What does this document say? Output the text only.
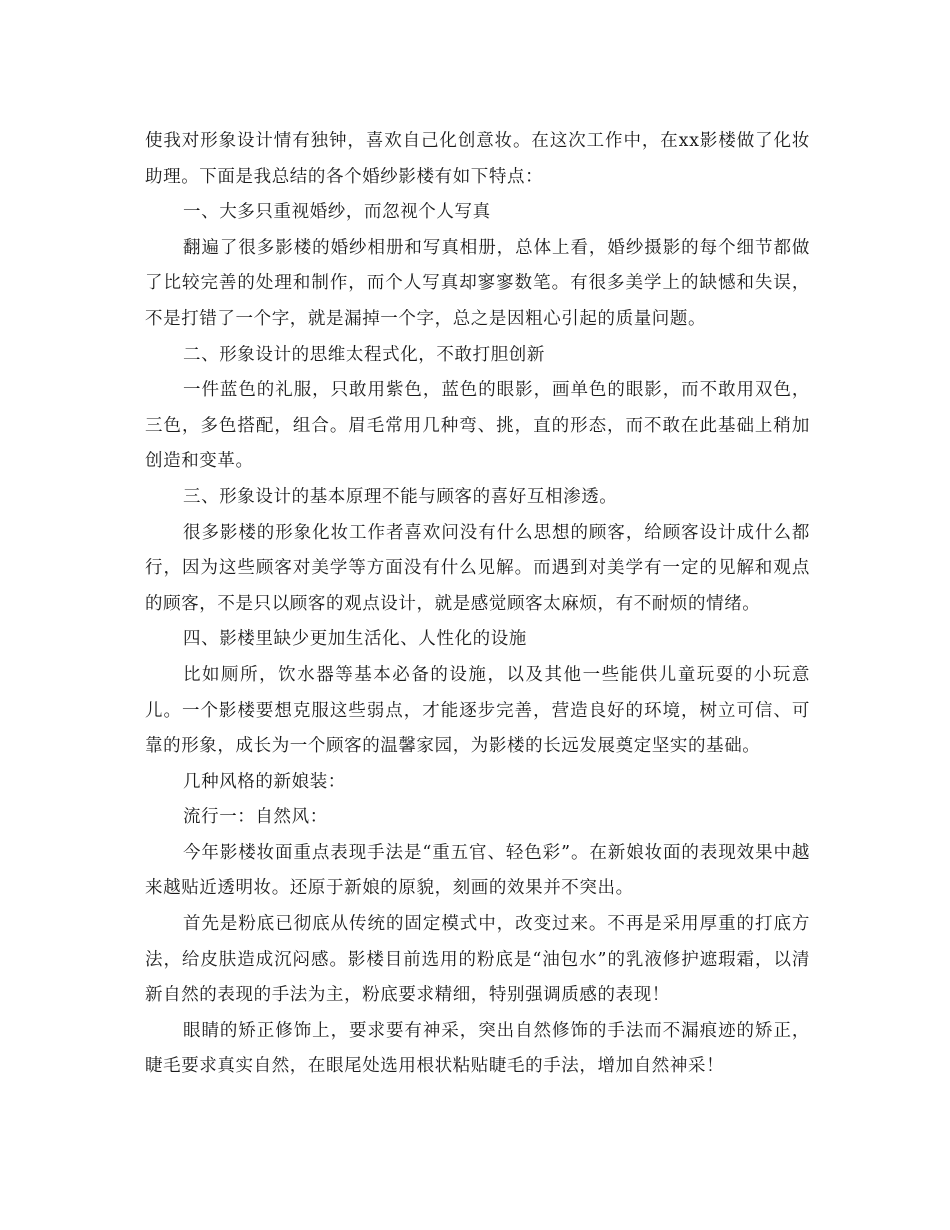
使我对形象设计情有独钟，喜欢自己化创意妆。在这次工作中，在xx影楼做了化妆助理。下面是我总结的各个婚纱影楼有如下特点：

一、大多只重视婚纱，而忽视个人写真

翻遍了很多影楼的婚纱相册和写真相册，总体上看，婚纱摄影的每个细节都做了比较完善的处理和制作，而个人写真却寥寥数笔。有很多美学上的缺憾和失误，不是打错了一个字，就是漏掉一个字，总之是因粗心引起的质量问题。

二、形象设计的思维太程式化，不敢打胆创新

一件蓝色的礼服，只敢用紫色，蓝色的眼影，画单色的眼影，而不敢用双色，三色，多色搭配，组合。眉毛常用几种弯、挑，直的形态，而不敢在此基础上稍加创造和变革。

三、形象设计的基本原理不能与顾客的喜好互相渗透。

很多影楼的形象化妆工作者喜欢问没有什么思想的顾客，给顾客设计成什么都行，因为这些顾客对美学等方面没有什么见解。而遇到对美学有一定的见解和观点的顾客，不是只以顾客的观点设计，就是感觉顾客太麻烦，有不耐烦的情绪。

四、影楼里缺少更加生活化、人性化的设施

比如厕所，饮水器等基本必备的设施，以及其他一些能供儿童玩耍的小玩意儿。一个影楼要想克服这些弱点，才能逐步完善，营造良好的环境，树立可信、可靠的形象，成长为一个顾客的温馨家园，为影楼的长远发展奠定坚实的基础。

几种风格的新娘装：

流行一：自然风：

今年影楼妆面重点表现手法是“重五官、轻色彩”。在新娘妆面的表现效果中越来越贴近透明妆。还原于新娘的原貌，刻画的效果并不突出。

首先是粉底已彻底从传统的固定模式中，改变过来。不再是采用厚重的打底方法，给皮肤造成沉闷感。影楼目前选用的粉底是“油包水”的乳液修护遮瑕霜，以清新自然的表现的手法为主，粉底要求精细，特别强调质感的表现！

眼睛的矫正修饰上，要求要有神采，突出自然修饰的手法而不漏痕迹的矫正，睫毛要求真实自然，在眼尾处选用根状粘贴睫毛的手法，增加自然神采！
